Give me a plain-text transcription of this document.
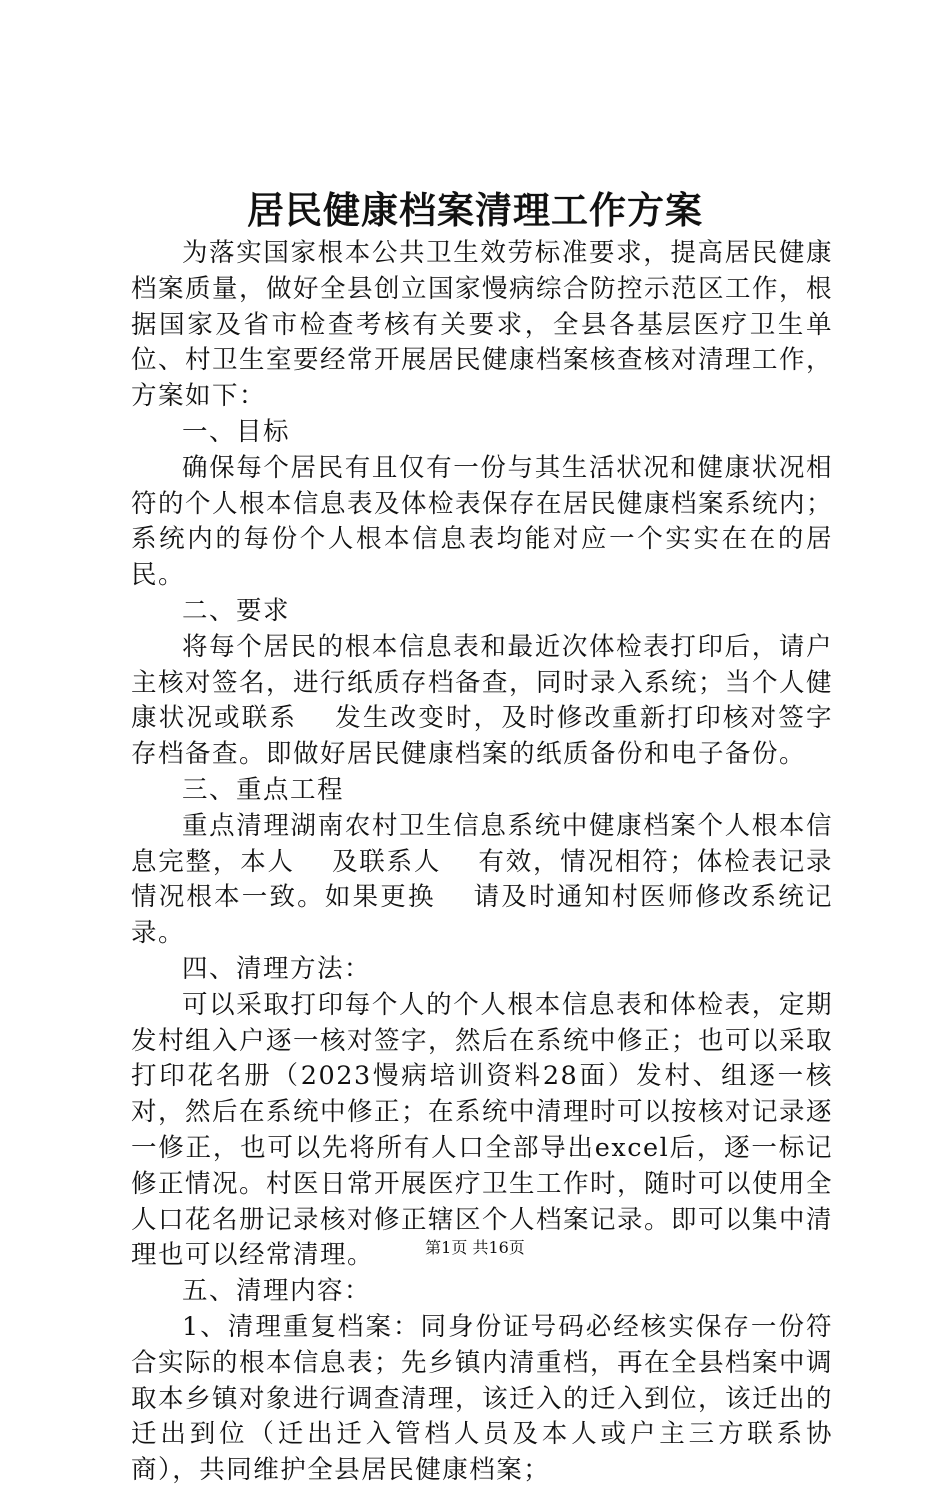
居民健康档案清理工作方案

为落实国家根本公共卫生效劳标准要求，提高居民健康档案质量，做好全县创立国家慢病综合防控示范区工作，根据国家及省市检查考核有关要求，全县各基层医疗卫生单位、村卫生室要经常开展居民健康档案核查核对清理工作，方案如下：

一、目标

确保每个居民有且仅有一份与其生活状况和健康状况相符的个人根本信息表及体检表保存在居民健康档案系统内；系统内的每份个人根本信息表均能对应一个实实在在的居民。

二、要求

将每个居民的根本信息表和最近次体检表打印后，请户主核对签名，进行纸质存档备查，同时录入系统；当个人健康状况或联系　 发生改变时，及时修改重新打印核对签字存档备查。即做好居民健康档案的纸质备份和电子备份。

三、重点工程

重点清理湖南农村卫生信息系统中健康档案个人根本信息完整，本人　 及联系人　 有效，情况相符；体检表记录情况根本一致。如果更换　 请及时通知村医师修改系统记录。

四、清理方法：

可以采取打印每个人的个人根本信息表和体检表，定期发村组入户逐一核对签字，然后在系统中修正；也可以采取打印花名册（2023慢病培训资料28面）发村、组逐一核对，然后在系统中修正；在系统中清理时可以按核对记录逐一修正，也可以先将所有人口全部导出excel后，逐一标记修正情况。村医日常开展医疗卫生工作时，随时可以使用全人口花名册记录核对修正辖区个人档案记录。即可以集中清理也可以经常清理。

五、清理内容：

1、清理重复档案：同身份证号码必经核实保存一份符合实际的根本信息表；先乡镇内清重档，再在全县档案中调取本乡镇对象进行调查清理，该迁入的迁入到位，该迁出的迁出到位（迁出迁入管档人员及本人或户主三方联系协商），共同维护全县居民健康档案；

第1页 共16页
